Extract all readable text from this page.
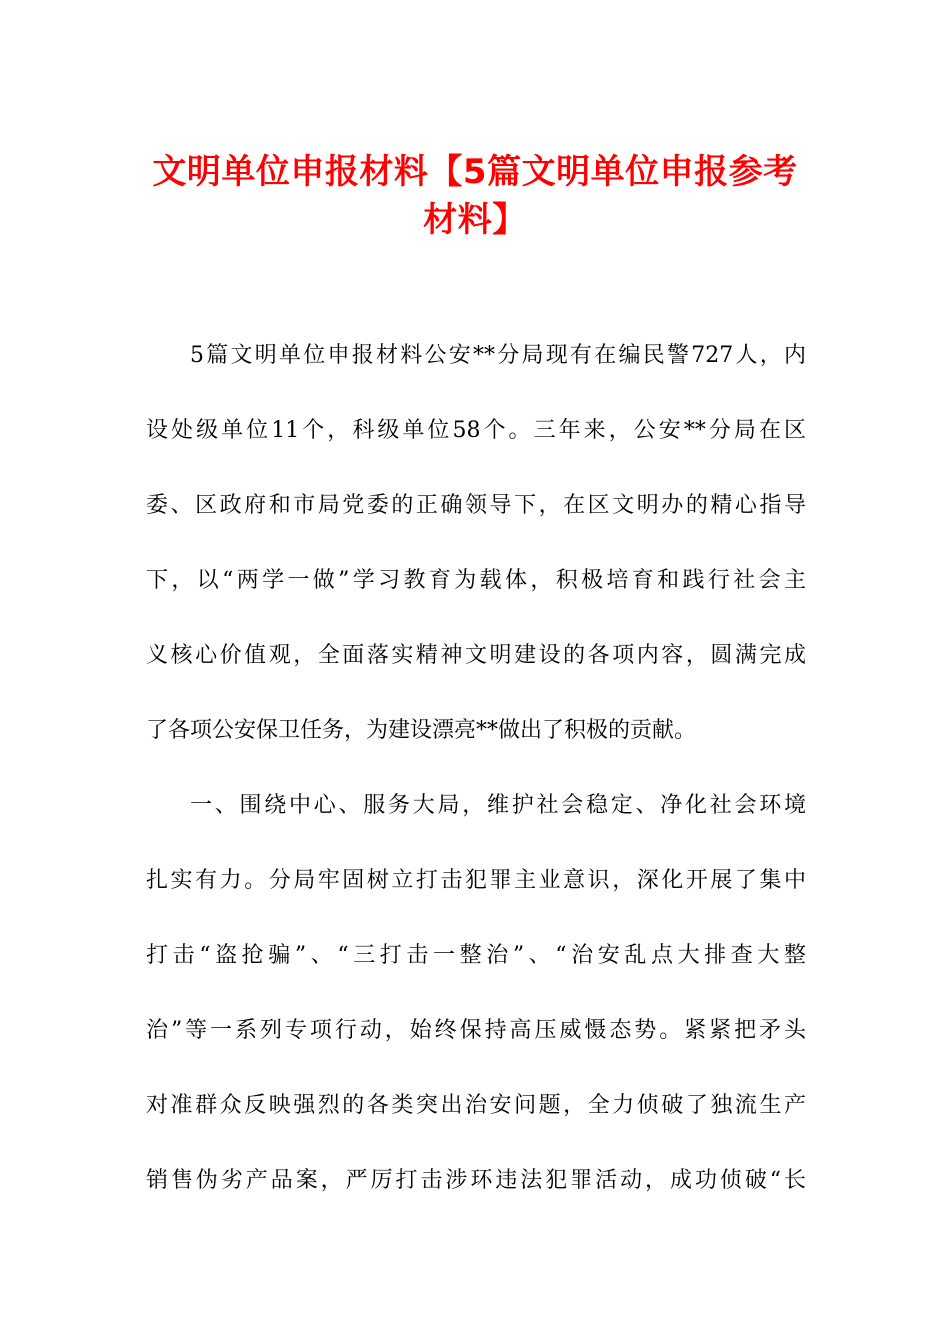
文明单位申报材料【5篇文明单位申报参考
材料】
5篇文明单位申报材料公安**分局现有在编民警727人，内
设处级单位11个，科级单位58个。三年来，公安**分局在区
委、区政府和市局党委的正确领导下，在区文明办的精心指导
下，以“两学一做”学习教育为载体，积极培育和践行社会主
义核心价值观，全面落实精神文明建设的各项内容，圆满完成
了各项公安保卫任务，为建设漂亮**做出了积极的贡献。
一、围绕中心、服务大局，维护社会稳定、净化社会环境
扎实有力。分局牢固树立打击犯罪主业意识，深化开展了集中
打击“盗抢骗”、“三打击一整治”、“治安乱点大排查大整
治”等一系列专项行动，始终保持高压威慑态势。紧紧把矛头
对准群众反映强烈的各类突出治安问题，全力侦破了独流生产
销售伪劣产品案，严厉打击涉环违法犯罪活动，成功侦破“长
